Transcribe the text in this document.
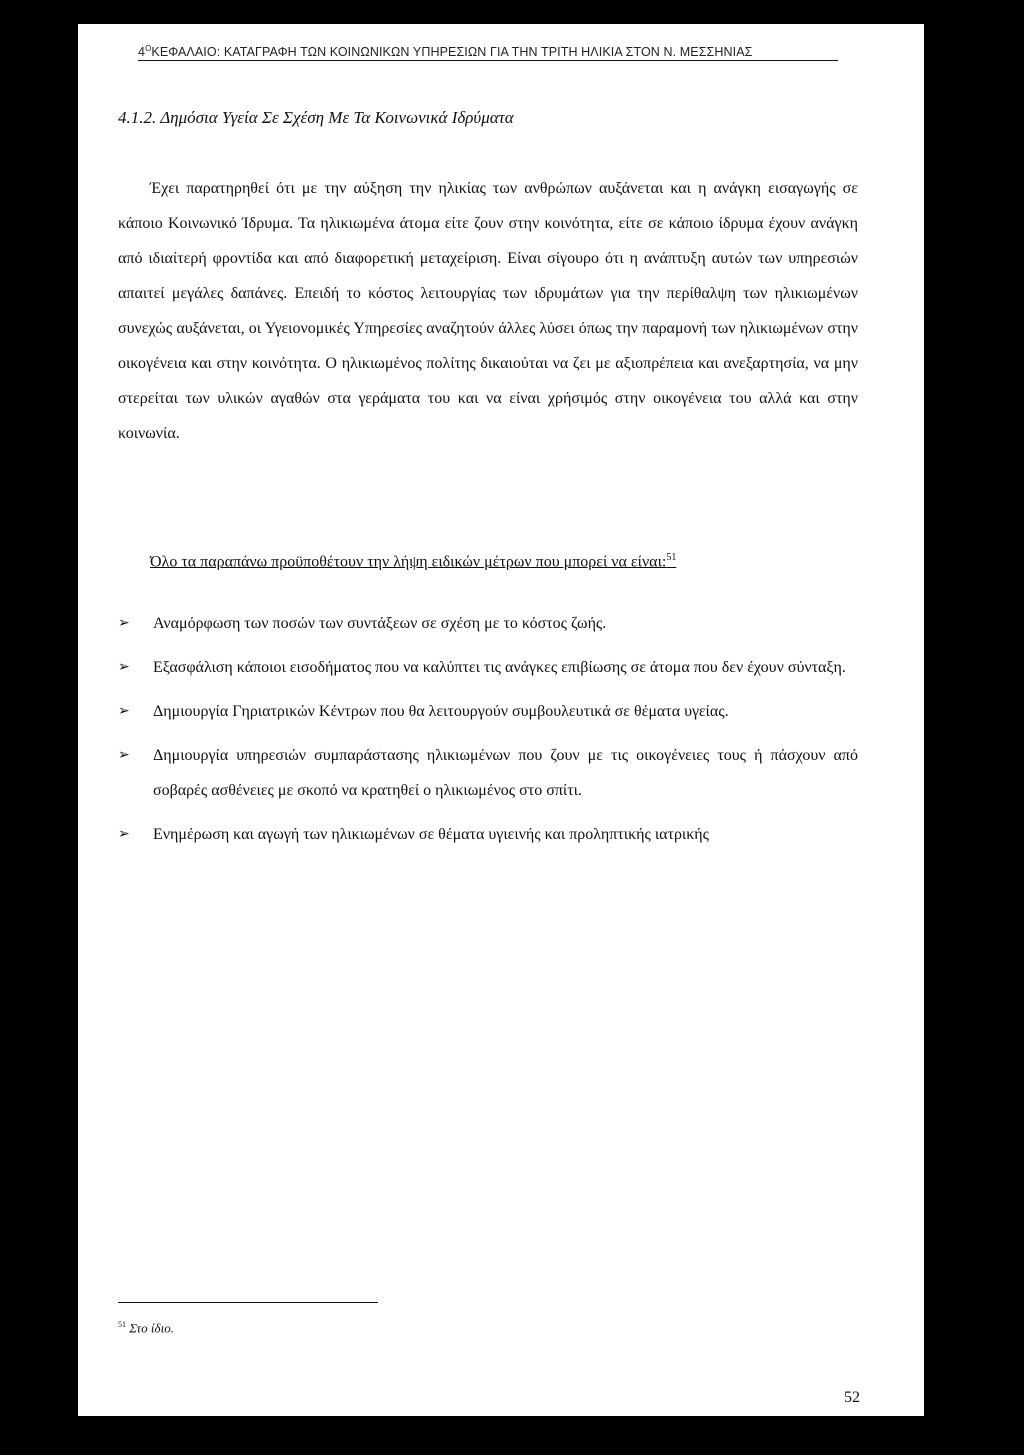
$4^OKE\Phi A\Lambda AIO$: ΚΑΤΑΓΡΑΦΗ ΤΩΝ ΚΟΙΝΩΝΙΚΩΝ ΥΠΗΡΕΣΙΩΝ ΓΙΑ ΤΗΝ ΤΡΙΤΗ ΗΛΙΚΙΑ ΣΤΟΝ Ν. ΜΕΣΣΗΝΙΑΣ
4.1.2. Δημόσια Υγεία Σε Σχέση Με Τα Κοινωνικά Ιδρύματα

Έχει παρατηρηθεί ότι με την αύξηση την ηλικίας των ανθρώπων αυξάνεται και η ανάγκη εισαγωγής σε κάποιο Κοινωνικό Ίδρυμα. Τα ηλικιωμένα άτομα είτε ζουν στην κοινότητα, είτε σε κάποιο ίδρυμα έχουν ανάγκη από ιδιαίτερή φροντίδα και από διαφορετική μεταχείριση. Είναι σίγουρο ότι η ανάπτυξη αυτών των υπηρεσιών απαιτεί μεγάλες δαπάνες. Επειδή το κόστος λειτουργίας των ιδρυμάτων για την περίθαλψη των ηλικιωμένων συνεχώς αυξάνεται, οι Υγειονομικές Υπηρεσίες αναζητούν άλλες λύσει όπως την παραμονή των ηλικιωμένων στην οικογένεια και στην κοινότητα. Ο ηλικιωμένος πολίτης δικαιούται να ζει με αξιοπρέπεια και ανεξαρτησία, να μην στερείται των υλικών αγαθών στα γεράματα του και να είναι χρήσιμός στην οικογένεια του αλλά και στην κοινωνία.

Όλο τα παραπάνω προϋποθέτουν την λήψη ειδικών μέτρων που μπορεί να είναι:$^{51}$
➢ Αναμόρφωση των ποσών των συντάξεων σε σχέση με το κόστος ζωής.
➢ Εξασφάλιση κάποιοι εισοδήματος που να καλύπτει τις ανάγκες επιβίωσης σε άτομα που δεν έχουν σύνταξη.
➢ Δημιουργία Γηριατρικών Κέντρων που θα λειτουργούν συμβουλευτικά σε θέματα υγείας.
➢ Δημιουργία υπηρεσιών συμπαράστασης ηλικιωμένων που ζουν με τις οικογένειες τους ή πάσχουν από σοβαρές ασθένειες με σκοπό να κρατηθεί ο ηλικιωμένος στο σπίτι.
➢ Ενημέρωση και αγωγή των ηλικιωμένων σε θέματα υγιεινής και προληπτικής ιατρικής
$^{51}$ Στο ίδιο.
52
